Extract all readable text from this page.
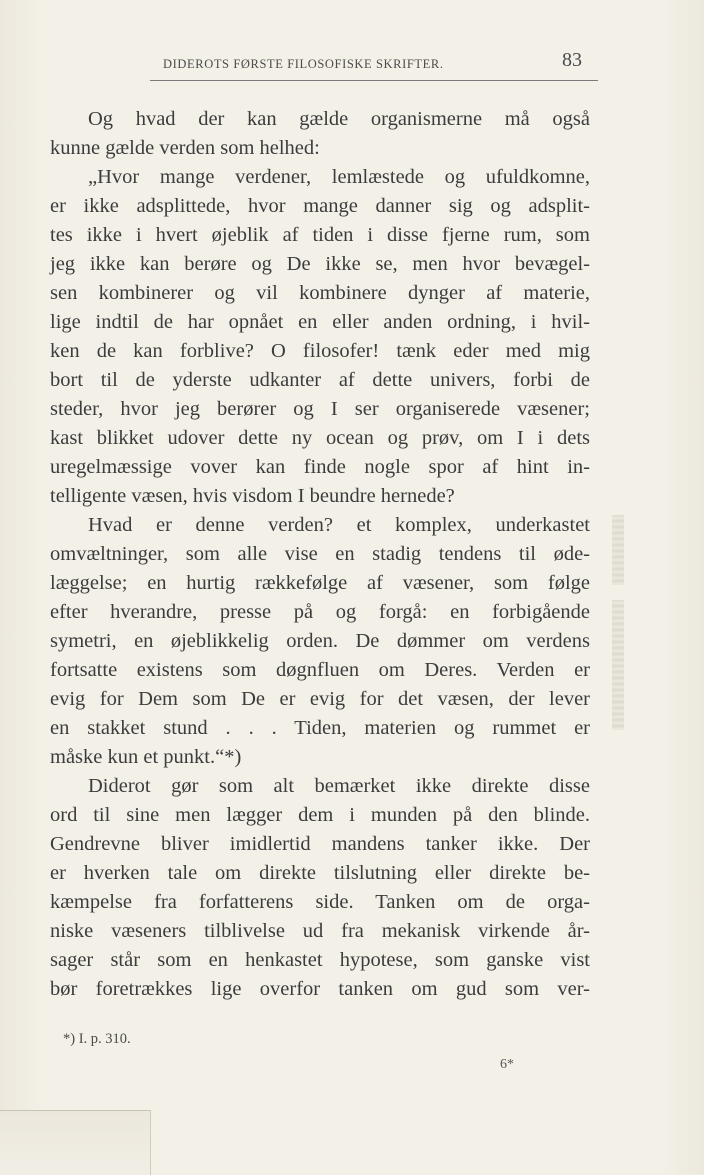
DIDEROTS FØRSTE FILOSOFISKE SKRIFTER.	83
Og hvad der kan gælde organismerne må også
kunne gælde verden som helhed:
„Hvor mange verdener, lemlæstede og ufuldkomne,
er ikke adsplittede, hvor mange danner sig og adsplit-
tes ikke i hvert øjeblik af tiden i disse fjerne rum, som
jeg ikke kan berøre og De ikke se, men hvor bevægel-
sen kombinerer og vil kombinere dynger af materie,
lige indtil de har opnået en eller anden ordning, i hvil-
ken de kan forblive? O filosofer! tænk eder med mig
bort til de yderste udkanter af dette univers, forbi de
steder, hvor jeg berører og I ser organiserede væsener;
kast blikket udover dette ny ocean og prøv, om I i dets
uregelmæssige vover kan finde nogle spor af hint in-
telligente væsen, hvis visdom I beundre hernede?
Hvad er denne verden? et komplex, underkastet
omvæltninger, som alle vise en stadig tendens til øde-
læggelse; en hurtig rækkefølge af væsener, som følge
efter hverandre, presse på og forgå: en forbigående
symetri, en øjeblikkelig orden. De dømmer om verdens
fortsatte existens som døgnfluen om Deres. Verden er
evig for Dem som De er evig for det væsen, der lever
en stakket stund . . . Tiden, materien og rummet er
måske kun et punkt.“*)
Diderot gør som alt bemærket ikke direkte disse
ord til sine men lægger dem i munden på den blinde.
Gendrevne bliver imidlertid mandens tanker ikke. Der
er hverken tale om direkte tilslutning eller direkte be-
kæmpelse fra forfatterens side. Tanken om de orga-
niske væseners tilblivelse ud fra mekanisk virkende år-
sager står som en henkastet hypotese, som ganske vist
bør foretrækkes lige overfor tanken om gud som ver-
*) I. p. 310.
6*
